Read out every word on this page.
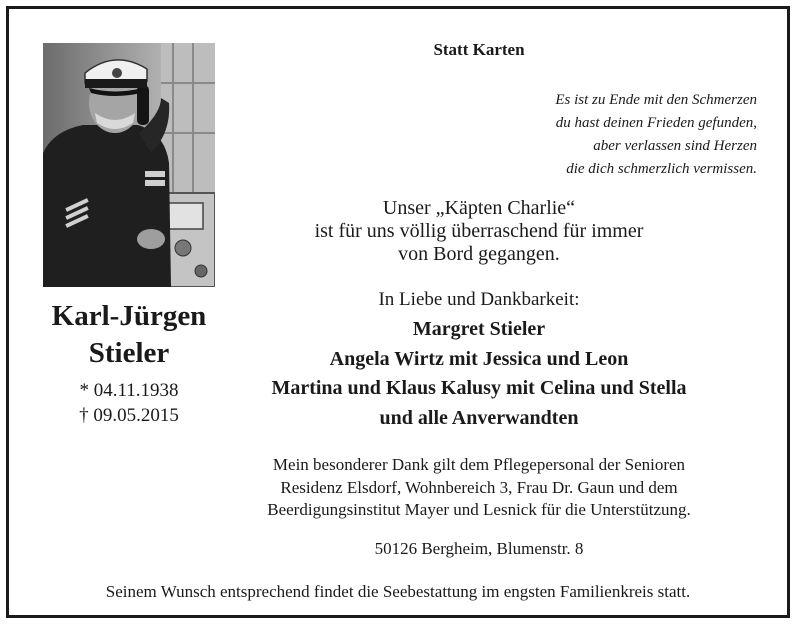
Karl-Jürgen
Stieler
* 04.11.1938
† 09.05.2015
Statt Karten
Es ist zu Ende mit den Schmerzen
du hast deinen Frieden gefunden,
aber verlassen sind Herzen
die dich schmerzlich vermissen.
Unser „Käpten Charlie“
ist für uns völlig überraschend für immer
von Bord gegangen.
In Liebe und Dankbarkeit:
Margret Stieler
Angela Wirtz mit Jessica und Leon
Martina und Klaus Kalusy mit Celina und Stella
und alle Anverwandten
Mein besonderer Dank gilt dem Pflegepersonal der Senioren
Residenz Elsdorf, Wohnbereich 3, Frau Dr. Gaun und dem
Beerdigungsinstitut Mayer und Lesnick für die Unterstützung.
50126 Bergheim, Blumenstr. 8
Seinem Wunsch entsprechend findet die Seebestattung im engsten Familienkreis statt.
